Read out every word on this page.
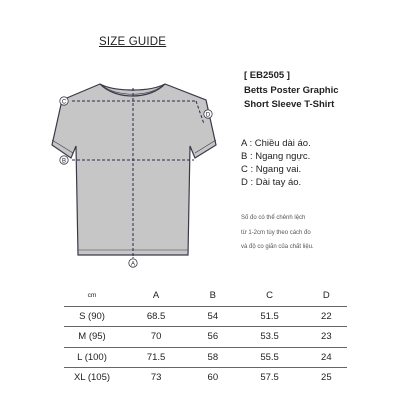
SIZE GUIDE
C
B
D
A
[ EB2505 ]
Betts Poster Graphic
Short Sleeve T-Shirt
A : Chiều dài áo.
B : Ngang ngực.
C : Ngang vai.
D : Dài tay áo.
Số đo có thể chênh lệch
từ 1-2cm tùy theo cách đo
và độ co giãn của chất liệu.
cm	A	B	C	D
S (90)	68.5	54	51.5	22
M (95)	70	56	53.5	23
L (100)	71.5	58	55.5	24
XL (105)	73	60	57.5	25
